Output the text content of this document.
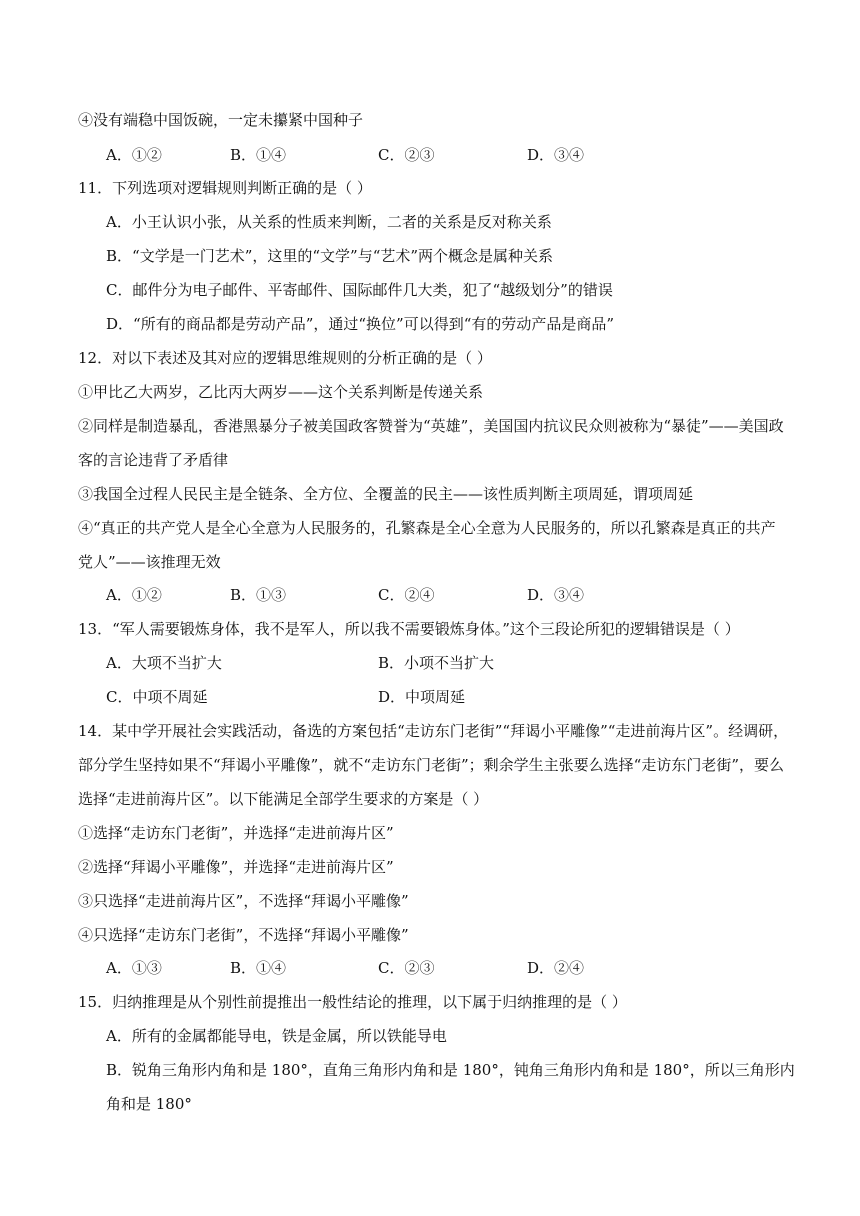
④没有端稳中国饭碗，一定未攥紧中国种子
A．①②	B．①④	C．②③	D．③④
11．下列选项对逻辑规则判断正确的是（ ）
A．小王认识小张，从关系的性质来判断，二者的关系是反对称关系
B．“文学是一门艺术”，这里的“文学”与“艺术”两个概念是属种关系
C．邮件分为电子邮件、平寄邮件、国际邮件几大类，犯了“越级划分”的错误
D．“所有的商品都是劳动产品”，通过“换位”可以得到“有的劳动产品是商品”
12．对以下表述及其对应的逻辑思维规则的分析正确的是（ ）
①甲比乙大两岁，乙比丙大两岁——这个关系判断是传递关系
②同样是制造暴乱，香港黑暴分子被美国政客赞誉为“英雄”，美国国内抗议民众则被称为“暴徒”——美国政
客的言论违背了矛盾律
③我国全过程人民民主是全链条、全方位、全覆盖的民主——该性质判断主项周延，谓项周延
④“真正的共产党人是全心全意为人民服务的，孔繁森是全心全意为人民服务的，所以孔繁森是真正的共产
党人”——该推理无效
A．①②	B．①③	C．②④	D．③④
13．“军人需要锻炼身体，我不是军人，所以我不需要锻炼身体。”这个三段论所犯的逻辑错误是（ ）
A．大项不当扩大	B．小项不当扩大
C．中项不周延	D．中项周延
14．某中学开展社会实践活动，备选的方案包括“走访东门老街”“拜谒小平雕像”“走进前海片区”。经调研，
部分学生坚持如果不“拜谒小平雕像”，就不“走访东门老街”；剩余学生主张要么选择“走访东门老街”，要么
选择“走进前海片区”。以下能满足全部学生要求的方案是（ ）
①选择“走访东门老街”，并选择“走进前海片区”
②选择“拜谒小平雕像”，并选择“走进前海片区”
③只选择“走进前海片区”，不选择“拜谒小平雕像”
④只选择“走访东门老街”，不选择“拜谒小平雕像”
A．①③	B．①④	C．②③	D．②④
15．归纳推理是从个别性前提推出一般性结论的推理，以下属于归纳推理的是（ ）
A．所有的金属都能导电，铁是金属，所以铁能导电
B．锐角三角形内角和是 180°，直角三角形内角和是 180°，钝角三角形内角和是 180°，所以三角形内
角和是 180°
